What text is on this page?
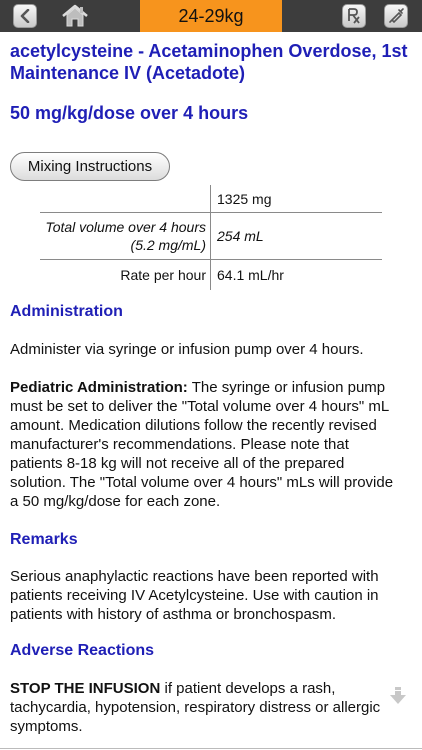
24-29kg
acetylcysteine - Acetaminophen Overdose, 1st Maintenance IV (Acetadote)
50 mg/kg/dose over 4 hours
Mixing Instructions
1325 mg
Total volume over 4 hours
(5.2 mg/mL)
254 mL
Rate per hour 64.1 mL/hr
Administration

Administer via syringe or infusion pump over 4 hours.

Pediatric Administration: The syringe or infusion pump must be set to deliver the "Total volume over 4 hours" mL amount. Medication dilutions follow the recently revised manufacturer's recommendations. Please note that patients 8-18 kg will not receive all of the prepared solution. The "Total volume over 4 hours" mLs will provide a 50 mg/kg/dose for each zone.

Remarks

Serious anaphylactic reactions have been reported with patients receiving IV Acetylcysteine. Use with caution in patients with history of asthma or bronchospasm.

Adverse Reactions

STOP THE INFUSION if patient develops a rash, tachycardia, hypotension, respiratory distress or allergic symptoms.
